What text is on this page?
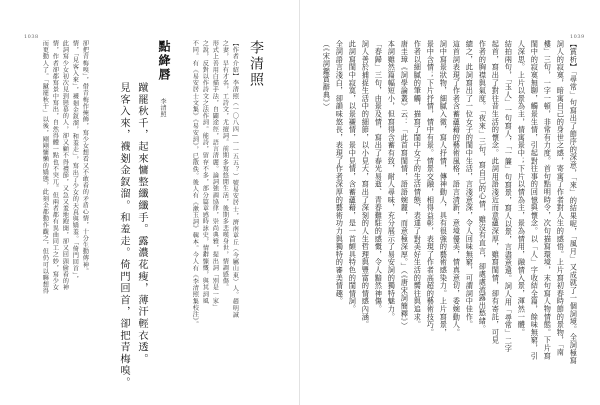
1038
而更動人了。「蹴罷秋千」以後，剛剛慵懶的嬌態，此刻全都動作觀之，但仍可以聯想得 情，作者卻都寫景中寫出，自然得體一點也不突兀。但兩者都有異曲同工之妙，寫少女 此詞寫少女初次見到戀慕的人，卻又顧不得禮節，又急又羞地跑開，卻又回頭偷看的神 情，「見客入來」，襪剗金釵溜，和羞走」，寫出了少女的天真與嬌羞。「倚門回首」， 卻把青梅嗅」，借青梅作掩飾，寫少女想看又不敢看的矛盾心情，十分生動傳神。	見客入來，襪剗金釵溜。和羞走。倚門回首，卻把青梅嗅。 蹴罷秋千，起來慵整纖纖手。露濃花瘦，薄汗輕衣透。
點絳唇
李清照	不同。有《易安居士文集》《易安詞》，已散佚。後人有《漱玉詞》輯本。今人有《李清照集校注》。 之說，反對以作詩文之法作詞。能詩，留存不多，部分篇章感時詠史，情辭慷慨，與其詞風 形式上善用白描手法，自闢途徑，語言清麗。論詞強調協律，崇尚典雅，提出詞「別是一家」 之妻，早有才名，工詩文，尤擅詞。前期多寫悠閒生活，後期多悲嘆身世，情調感傷。 【作者介紹】李清照（一〇八四—一一五五？）號易安居士，濟南章丘（今屬山東）人。趙明誠 李清照
1039
（《宋詞鑑賞辭典》） 全詞語言淺白，卻韻味悠長，表現了作者深厚的藝術功力與獨特的審美情趣。 此詞寫閨中寂寞，以景襯情，景中見情，含蓄蘊藉，是一首頗具特色的閨情詞。 詞人善於捕捉生活中的細節，以小見大，寫出了深刻的人生哲理與豐富的情感內涵。 「春歸」三句，由景及情，寫出了春光易逝、青春難駐的感慨，令人黯然神傷。 本詞雖然篇幅短小，但寫得含蓄有致，耐人尋味，充分展示了易安詞的獨特魅力。 唐圭璋《詞學論叢》云：「此首寫閨情，語語婉麗，而意極深厚。」（《唐宋詞簡釋》） 作者以細膩的筆觸，描寫了閨中女子的生活情態，表達了對美好生活的嚮往與追求。 景中含情；下片抒情，情中有景。情景交融，相得益彰，表現了作者高超的藝術技巧。 詞中寫景狀物，細膩入微，寫人抒情，傳神動人，具有很強的藝術感染力。上片寫景， 這首詞表現了作者含蓄蘊藉的藝術風格，語言清新，意境優美，情真意切，委婉動人。 總之，此詞寫出了一位女子的閨中生活，言淺意深，令人回味無窮，可謂詞中佳作。 作者的胸襟與氣度。「夜來」三句，寫自己的心情，雖沒有直言，卻處處流露出愁緒。 起首，寫出了對往昔生活的懷念。此詞用語淺近而意蘊深厚，雖寫閨情，卻有寄託，可見 結拍兩句，「玉人」一句寫人，「一簾」句寫景，寫人以景，言盡意遠。詞人用「尋常」二字 人深思。上片以景為主，情寓景中；下片以情為主，景為情用，融情入景，渾然一體。 閨中的寂寞無聊，觸景生情，引起對往事的回憶與懷念。以「人」字收結全篇，餘味無窮，引 樓」三句，一字一頓，非常有力度。首句點明時令，次句描寫環境，末句寫人物情態。下片寫 詞人的寂寞，暗寓自己的身世之感，寄寓了作者對人生的感悟。上片寫初春時節的景物，「南 【賞析】「尋常」句寫出了節序的深意，「來」的結果呢，「風月」又成就了一個詞境。全詞極寫
